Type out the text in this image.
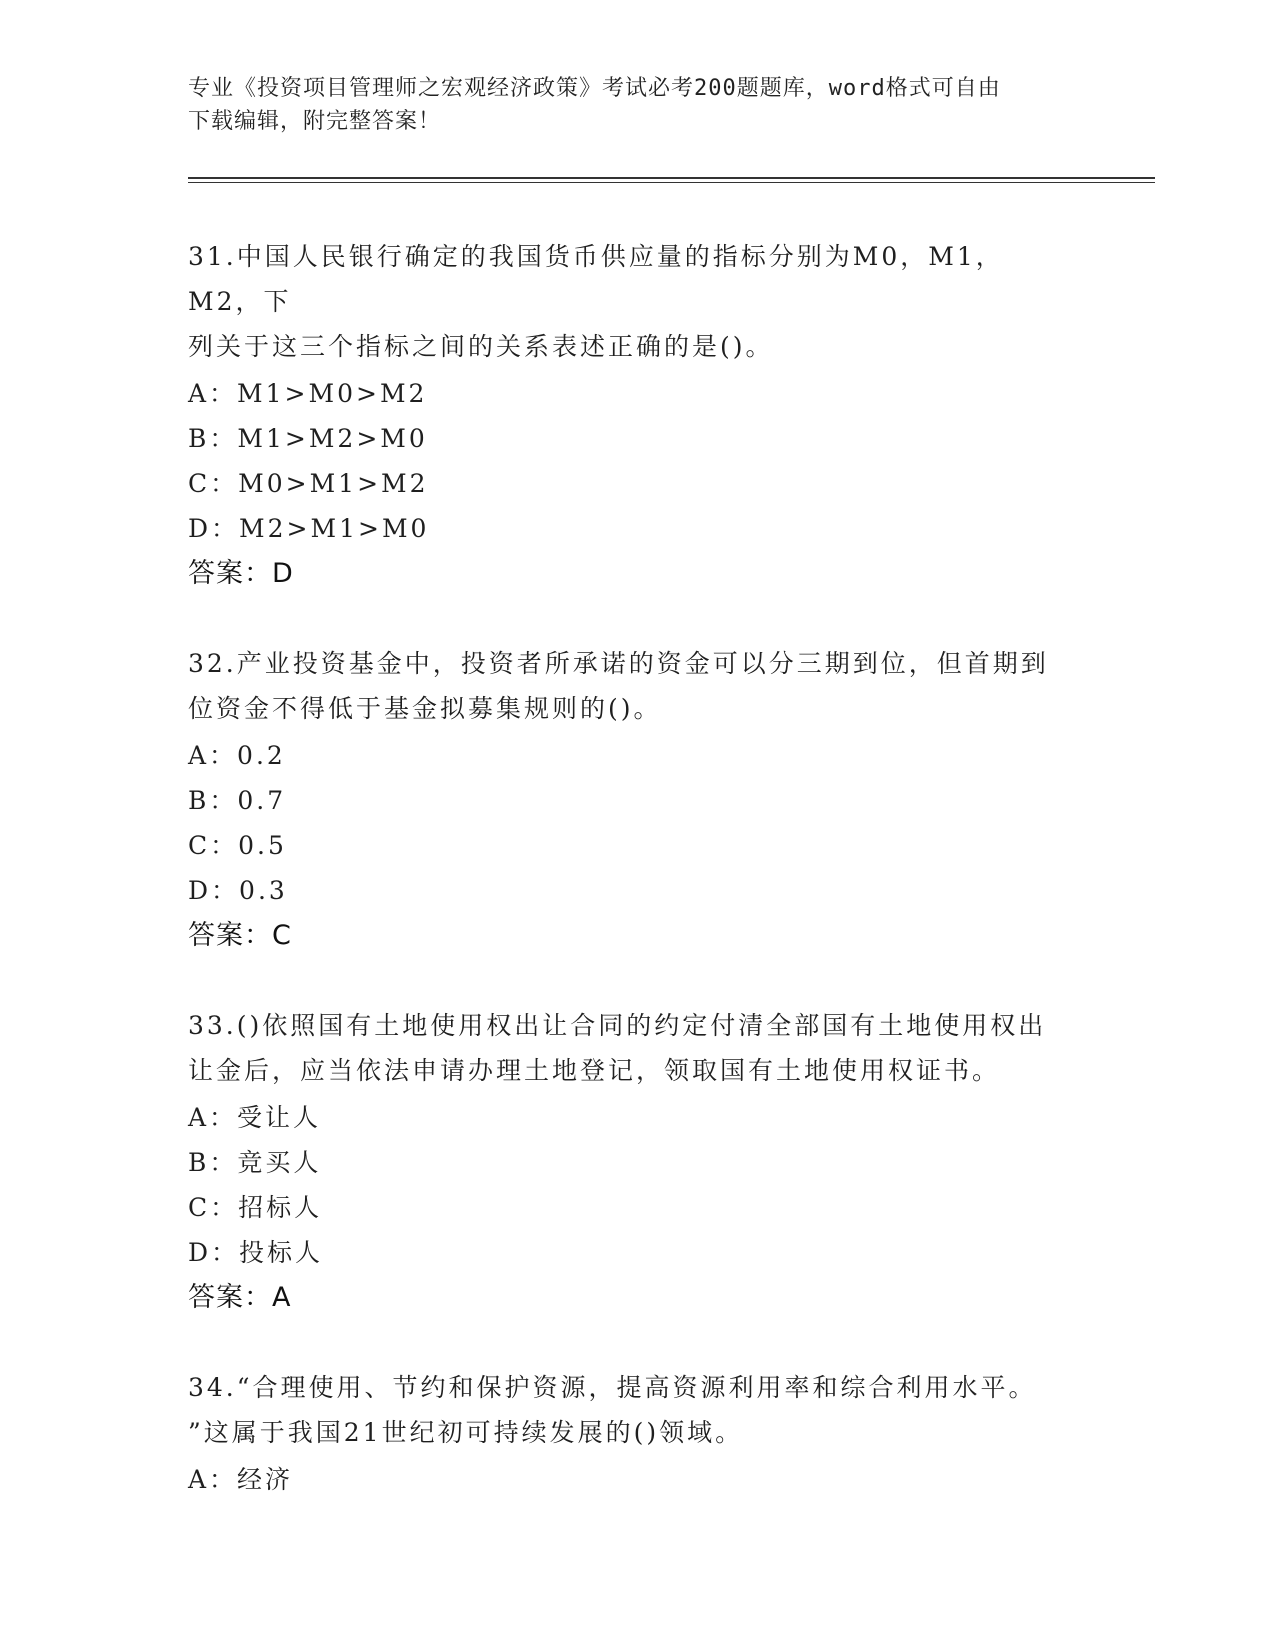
专业《投资项目管理师之宏观经济政策》考试必考200题题库，word格式可自由
下载编辑，附完整答案！
31.中国人民银行确定的我国货币供应量的指标分别为M0，M1，M2，下
列关于这三个指标之间的关系表述正确的是()。
A：M1>M0>M2
B：M1>M2>M0
C：M0>M1>M2
D：M2>M1>M0
答案：D
32.产业投资基金中，投资者所承诺的资金可以分三期到位，但首期到
位资金不得低于基金拟募集规则的()。
A：0.2
B：0.7
C：0.5
D：0.3
答案：C
33.()依照国有土地使用权出让合同的约定付清全部国有土地使用权出
让金后，应当依法申请办理土地登记，领取国有土地使用权证书。
A：受让人
B：竞买人
C：招标人
D：投标人
答案：A
34.“合理使用、节约和保护资源，提高资源利用率和综合利用水平。
”这属于我国21世纪初可持续发展的()领域。
A：经济
